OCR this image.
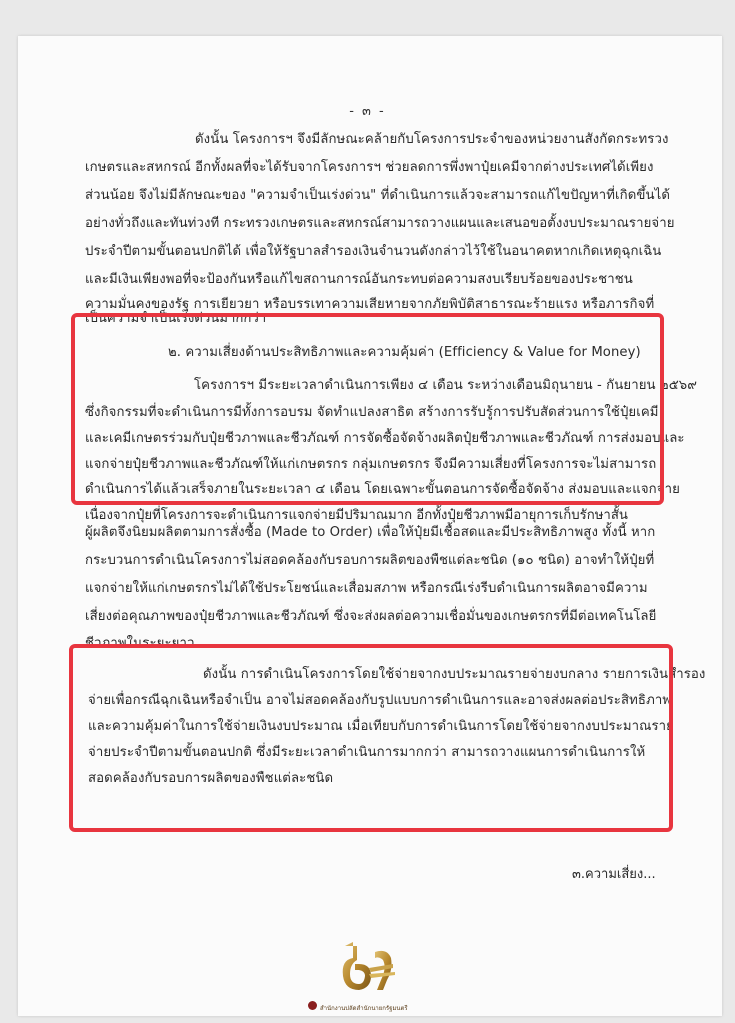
- ๓ -
ดังนั้น โครงการฯ จึงมีลักษณะคล้ายกับโครงการประจำของหน่วยงานสังกัดกระทรวง
เกษตรและสหกรณ์ อีกทั้งผลที่จะได้รับจากโครงการฯ ช่วยลดการพึ่งพาปุ๋ยเคมีจากต่างประเทศได้เพียง
ส่วนน้อย จึงไม่มีลักษณะของ "ความจำเป็นเร่งด่วน" ที่ดำเนินการแล้วจะสามารถแก้ไขปัญหาที่เกิดขึ้นได้
อย่างทั่วถึงและทันท่วงที กระทรวงเกษตรและสหกรณ์สามารถวางแผนและเสนอขอตั้งงบประมาณรายจ่าย
ประจำปีตามขั้นตอนปกติได้ เพื่อให้รัฐบาลสำรองเงินจำนวนดังกล่าวไว้ใช้ในอนาคตหากเกิดเหตุฉุกเฉิน
และมีเงินเพียงพอที่จะป้องกันหรือแก้ไขสถานการณ์อันกระทบต่อความสงบเรียบร้อยของประชาชน
ความมั่นคงของรัฐ การเยียวยา หรือบรรเทาความเสียหายจากภัยพิบัติสาธารณะร้ายแรง หรือภารกิจที่
เป็นความจำเป็นเร่งด่วนมากกว่า
๒. ความเสี่ยงด้านประสิทธิภาพและความคุ้มค่า (Efficiency & Value for Money)
โครงการฯ มีระยะเวลาดำเนินการเพียง ๔ เดือน ระหว่างเดือนมิถุนายน - กันยายน ๒๕๖๙
ซึ่งกิจกรรมที่จะดำเนินการมีทั้งการอบรม จัดทำแปลงสาธิต สร้างการรับรู้การปรับสัดส่วนการใช้ปุ๋ยเคมี
และเคมีเกษตรร่วมกับปุ๋ยชีวภาพและชีวภัณฑ์ การจัดซื้อจัดจ้างผลิตปุ๋ยชีวภาพและชีวภัณฑ์ การส่งมอบและ
แจกจ่ายปุ๋ยชีวภาพและชีวภัณฑ์ให้แก่เกษตรกร กลุ่มเกษตรกร จึงมีความเสี่ยงที่โครงการจะไม่สามารถ
ดำเนินการได้แล้วเสร็จภายในระยะเวลา ๔ เดือน โดยเฉพาะขั้นตอนการจัดซื้อจัดจ้าง ส่งมอบและแจกจ่าย
เนื่องจากปุ๋ยที่โครงการจะดำเนินการแจกจ่ายมีปริมาณมาก อีกทั้งปุ๋ยชีวภาพมีอายุการเก็บรักษาสั้น
ผู้ผลิตจึงนิยมผลิตตามการสั่งซื้อ (Made to Order) เพื่อให้ปุ๋ยมีเชื้อสดและมีประสิทธิภาพสูง ทั้งนี้ หาก
กระบวนการดำเนินโครงการไม่สอดคล้องกับรอบการผลิตของพืชแต่ละชนิด (๑๐ ชนิด) อาจทำให้ปุ๋ยที่
แจกจ่ายให้แก่เกษตรกรไม่ได้ใช้ประโยชน์และเสื่อมสภาพ หรือกรณีเร่งรีบดำเนินการผลิตอาจมีความ
เสี่ยงต่อคุณภาพของปุ๋ยชีวภาพและชีวภัณฑ์ ซึ่งจะส่งผลต่อความเชื่อมั่นของเกษตรกรที่มีต่อเทคโนโลยี
ชีวภาพในระยะยาว
ดังนั้น การดำเนินโครงการโดยใช้จ่ายจากงบประมาณรายจ่ายงบกลาง รายการเงินสำรอง
จ่ายเพื่อกรณีฉุกเฉินหรือจำเป็น อาจไม่สอดคล้องกับรูปแบบการดำเนินการและอาจส่งผลต่อประสิทธิภาพ
และความคุ้มค่าในการใช้จ่ายเงินงบประมาณ เมื่อเทียบกับการดำเนินการโดยใช้จ่ายจากงบประมาณราย
จ่ายประจำปีตามขั้นตอนปกติ ซึ่งมีระยะเวลาดำเนินการมากกว่า สามารถวางแผนการดำเนินการให้
สอดคล้องกับรอบการผลิตของพืชแต่ละชนิด
๓.ความเสี่ยง...
สำนักงานปลัดสำนักนายกรัฐมนตรี
